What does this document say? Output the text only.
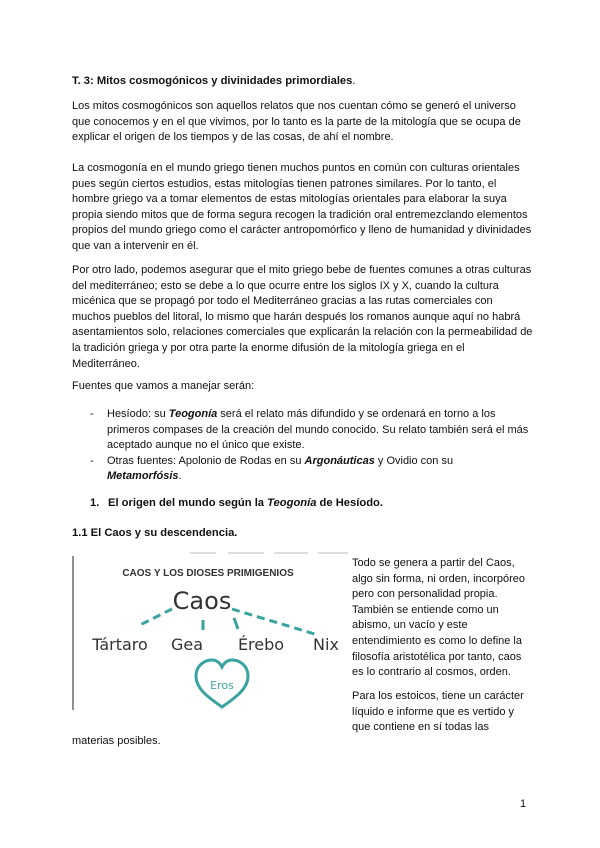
T. 3: Mitos cosmogónicos y divinidades primordiales.

Los mitos cosmogónicos son aquellos relatos que nos cuentan cómo se generó el universo que conocemos y en el que vivimos, por lo tanto es la parte de la mitología que se ocupa de explicar el origen de los tiempos y de las cosas, de ahí el nombre.

La cosmogonía en el mundo griego tienen muchos puntos en común con culturas orientales pues según ciertos estudios, estas mitologías tienen patrones similares. Por lo tanto, el hombre griego va a tomar elementos de estas mitologías orientales para elaborar la suya propia siendo mitos que de forma segura recogen la tradición oral entremezclando elementos propios del mundo griego como el carácter antropomórfico y lleno de humanidad y divinidades que van a intervenir en él.

Por otro lado, podemos asegurar que el mito griego bebe de fuentes comunes a otras culturas del mediterráneo; esto se debe a lo que ocurre entre los siglos IX y X, cuando la cultura micénica que se propagó por todo el Mediterráneo gracias a las rutas comerciales con muchos pueblos del litoral, lo mismo que harán después los romanos aunque aquí no habrá asentamientos solo, relaciones comerciales que explicarán la relación con la permeabilidad de la tradición griega y por otra parte la enorme difusión de la mitología griega en el Mediterráneo.

Fuentes que vamos a manejar serán:

- Hesíodo: su Teogonía será el relato más difundido y se ordenará en torno a los primeros compases de la creación del mundo conocido. Su relato también será el más aceptado aunque no el único que existe.
- Otras fuentes: Apolonio de Rodas en su Argonáuticas y Ovidio con su Metamorfósis.
1. El origen del mundo según la Teogonía de Hesíodo.
1.1 El Caos y su descendencia.
CAOS Y LOS DIOSES PRIMIGENIOS
Caos
Tártaro Gea Érebo Nix
Eros

Todo se genera a partir del Caos, algo sin forma, ni orden, incorpóreo pero con personalidad propia. También se entiende como un abismo, un vacío y este entendimiento es como lo define la filosofía aristotélica por tanto, caos es lo contrario al cosmos, orden.

Para los estoicos, tiene un carácter líquido e informe que es vertido y que contiene en sí todas las

materias posibles.
1
